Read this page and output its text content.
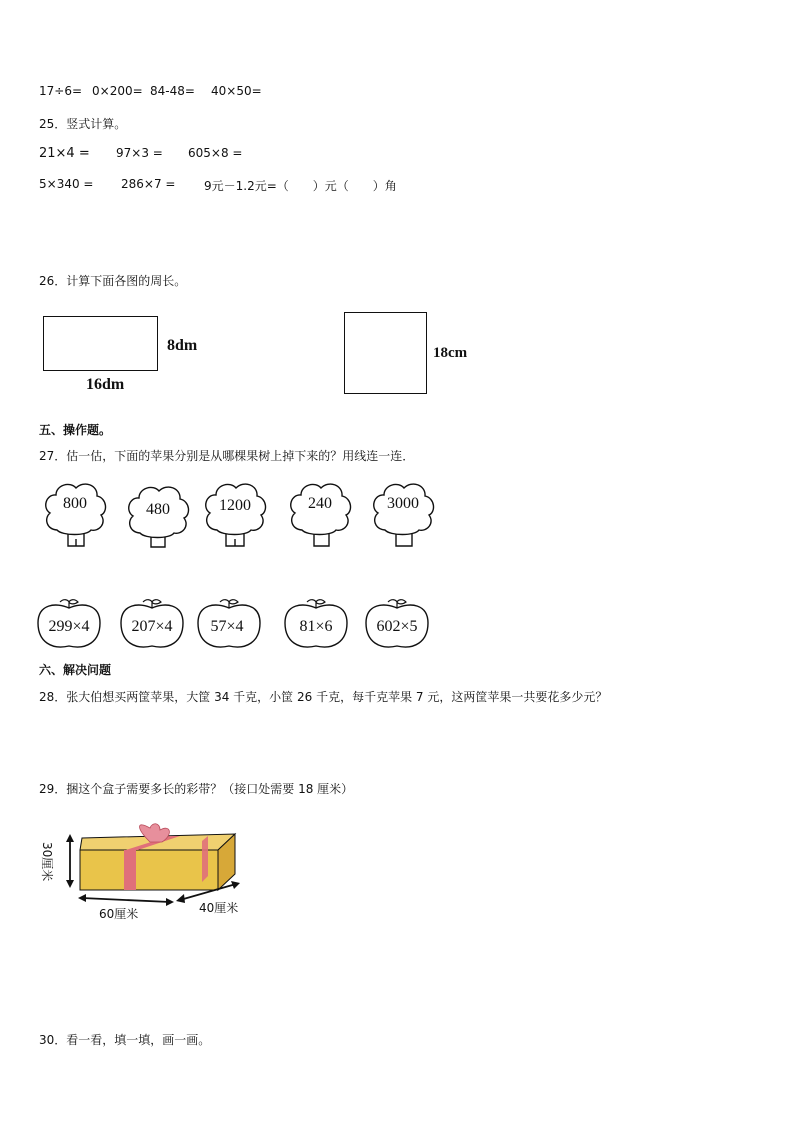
17÷6= 0×200= 84-48= 40×50=
25．竖式计算。
21×4 = 97×3 = 605×8 =
5×340 = 286×7 = 9元－1.2元=（　　）元（　　）角
26．计算下面各图的周长。
8dm
16dm
18cm
五、操作题。
27．估一估，下面的苹果分别是从哪棵果树上掉下来的？用线连一连．
800	480	1200	240	3000
299×4	207×4	57×4	81×6	602×5
六、解决问题
28．张大伯想买两筐苹果，大筐 34 千克，小筐 26 千克，每千克苹果 7 元，这两筐苹果一共要花多少元？
29．捆这个盒子需要多长的彩带？（接口处需要 18 厘米）
30厘米
60厘米	40厘米
30．看一看，填一填，画一画。
